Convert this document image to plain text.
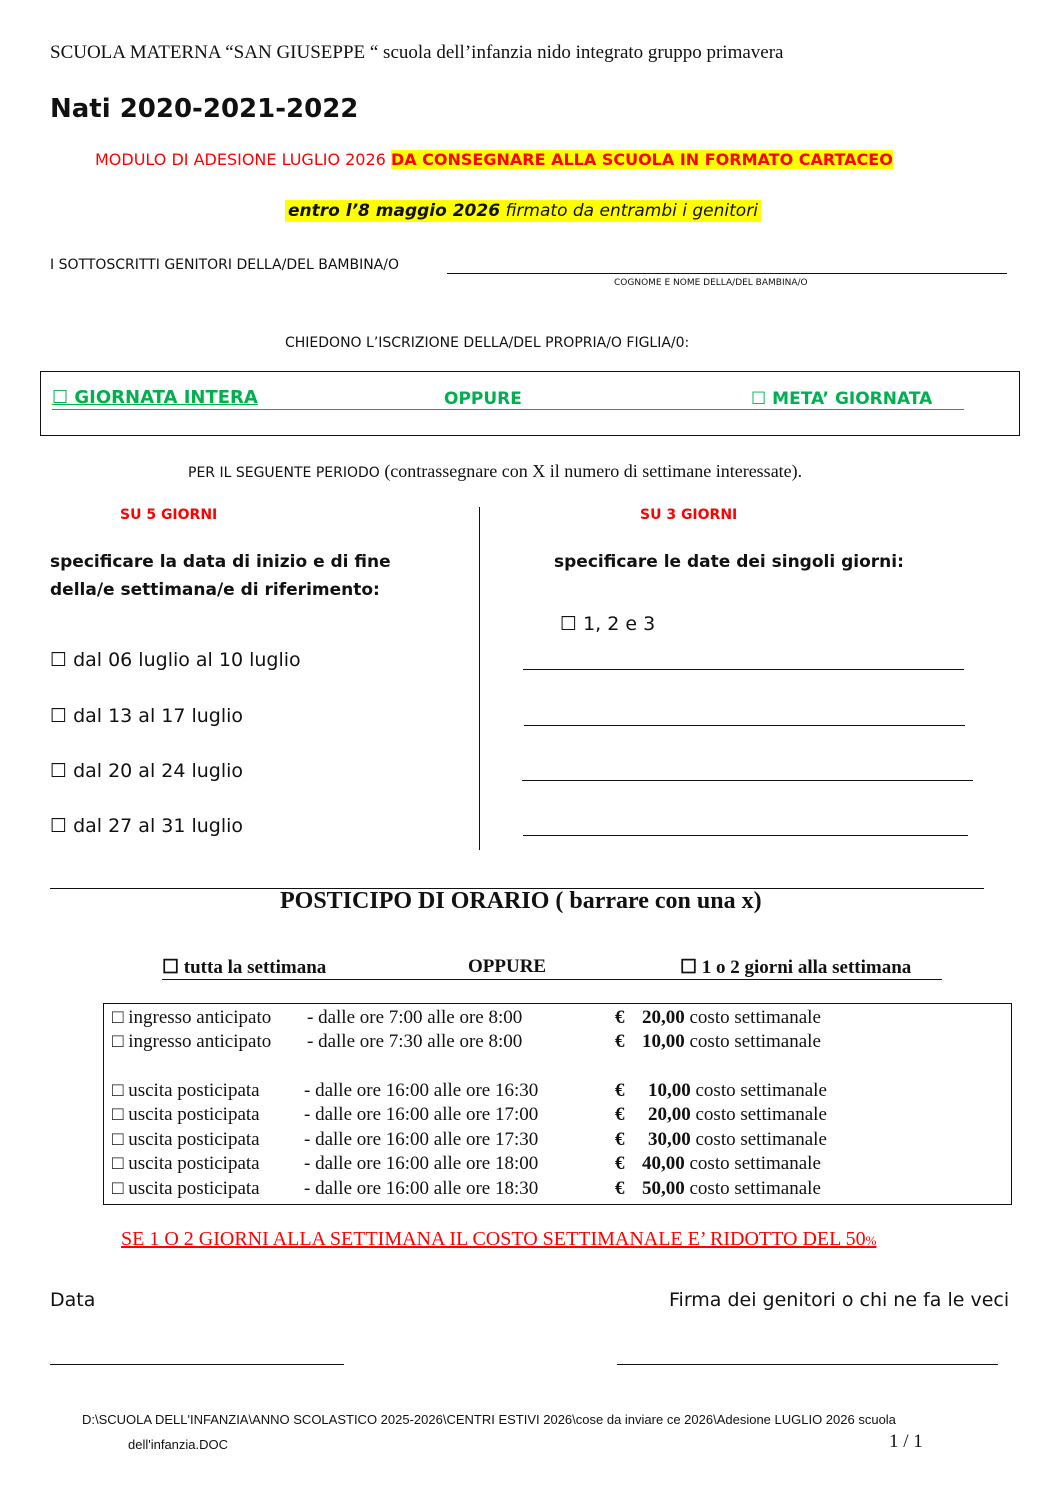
SCUOLA MATERNA “SAN GIUSEPPE “ scuola dell’infanzia nido integrato gruppo primavera
Nati 2020-2021-2022
MODULO DI ADESIONE LUGLIO 2026 DA CONSEGNARE ALLA SCUOLA IN FORMATO CARTACEO
entro l’8 maggio 2026 firmato da entrambi i genitori
I SOTTOSCRITTI GENITORI DELLA/DEL BAMBINA/O
COGNOME E NOME DELLA/DEL BAMBINA/O
CHIEDONO L’ISCRIZIONE DELLA/DEL PROPRIA/O FIGLIA/0:
☐ GIORNATA INTERA	OPPURE	☐ META’ GIORNATA
PER IL SEGUENTE PERIODO (contrassegnare con X il numero di settimane interessate).
SU 5 GIORNI
specificare la data di inizio e di fine
della/e settimana/e di riferimento:
☐ dal 06 luglio al 10 luglio
☐ dal 13 al 17 luglio
☐ dal 20 al 24 luglio
☐ dal 27 al 31 luglio
SU 3 GIORNI
specificare le date dei singoli giorni:
☐ 1, 2 e 3
POSTICIPO DI ORARIO ( barrare con una x)
☐ tutta la settimana	OPPURE	☐ 1 o 2 giorni alla settimana
□ ingresso anticipato - dalle ore 7:00 alle ore 8:00	€ 20,00 costo settimanale
□ ingresso anticipato - dalle ore 7:30 alle ore 8:00	€ 10,00 costo settimanale
□ uscita posticipata - dalle ore 16:00 alle ore 16:30	€ 10,00 costo settimanale
□ uscita posticipata - dalle ore 16:00 alle ore 17:00	€ 20,00 costo settimanale
□ uscita posticipata - dalle ore 16:00 alle ore 17:30	€ 30,00 costo settimanale
□ uscita posticipata - dalle ore 16:00 alle ore 18:00	€ 40,00 costo settimanale
□ uscita posticipata - dalle ore 16:00 alle ore 18:30	€ 50,00 costo settimanale
SE 1 O 2 GIORNI ALLA SETTIMANA IL COSTO SETTIMANALE E’ RIDOTTO DEL 50%
Data	Firma dei genitori o chi ne fa le veci
D:\SCUOLA DELL'INFANZIA\ANNO SCOLASTICO 2025-2026\CENTRI ESTIVI 2026\cose da inviare ce 2026\Adesione LUGLIO 2026 scuola
dell'infanzia.DOC	1 / 1
